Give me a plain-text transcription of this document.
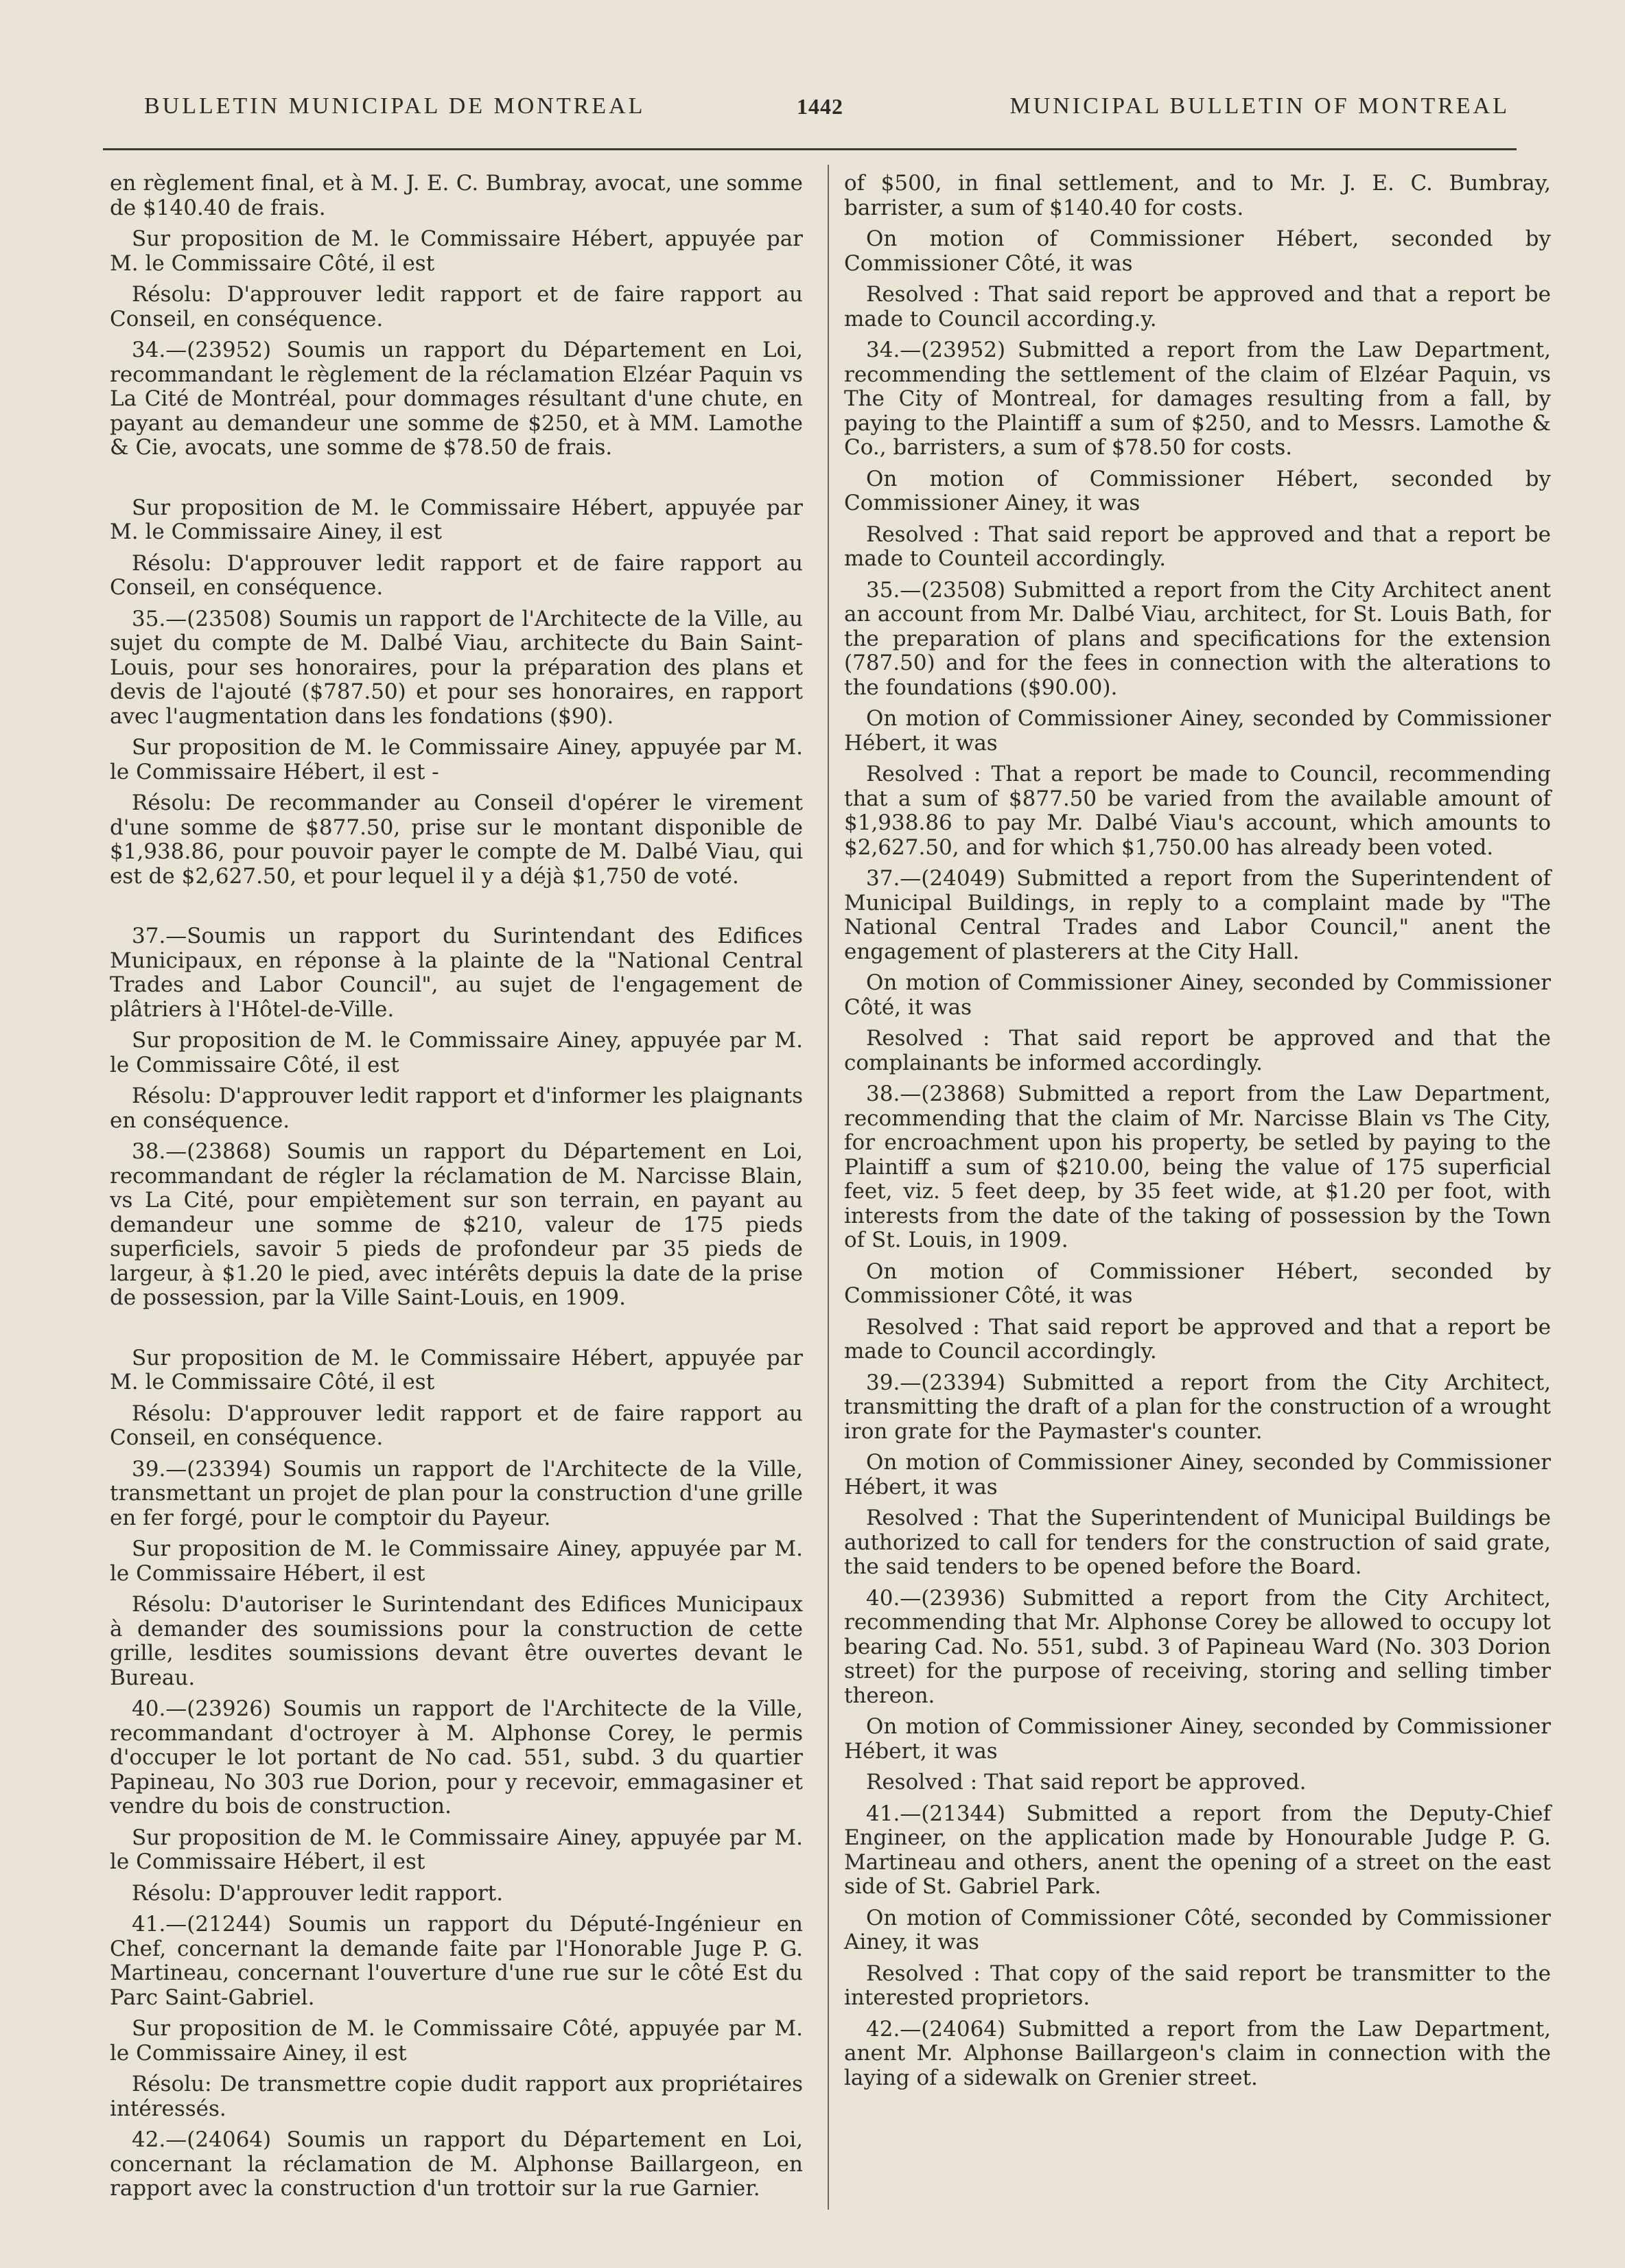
BULLETIN MUNICIPAL DE MONTREAL	1442	MUNICIPAL BULLETIN OF MONTREAL

en règlement final, et à M. J. E. C. Bumbray, avocat, une somme de $140.40 de frais.

Sur proposition de M. le Commissaire Hébert, appuyée par M. le Commissaire Côté, il est

Résolu: D'approuver ledit rapport et de faire rapport au Conseil, en conséquence.

34.—(23952) Soumis un rapport du Département en Loi, recommandant le règlement de la réclamation Elzéar Paquin vs La Cité de Montréal, pour dommages résultant d'une chute, en payant au demandeur une somme de $250, et à MM. Lamothe & Cie, avocats, une somme de $78.50 de frais.

Sur proposition de M. le Commissaire Hébert, appuyée par M. le Commissaire Ainey, il est

Résolu: D'approuver ledit rapport et de faire rapport au Conseil, en conséquence.

35.—(23508) Soumis un rapport de l'Architecte de la Ville, au sujet du compte de M. Dalbé Viau, architecte du Bain Saint-Louis, pour ses honoraires, pour la préparation des plans et devis de l'ajouté ($787.50) et pour ses honoraires, en rapport avec l'augmentation dans les fondations ($90).

Sur proposition de M. le Commissaire Ainey, appuyée par M. le Commissaire Hébert, il est -

Résolu: De recommander au Conseil d'opérer le virement d'une somme de $877.50, prise sur le montant disponible de $1,938.86, pour pouvoir payer le compte de M. Dalbé Viau, qui est de $2,627.50, et pour lequel il y a déjà $1,750 de voté.

37.—Soumis un rapport du Surintendant des Edifices Municipaux, en réponse à la plainte de la "National Central Trades and Labor Council", au sujet de l'engagement de plâtriers à l'Hôtel-de-Ville.

Sur proposition de M. le Commissaire Ainey, appuyée par M. le Commissaire Côté, il est

Résolu: D'approuver ledit rapport et d'informer les plaignants en conséquence.

38.—(23868) Soumis un rapport du Département en Loi, recommandant de régler la réclamation de M. Narcisse Blain, vs La Cité, pour empiètement sur son terrain, en payant au demandeur une somme de $210, valeur de 175 pieds superficiels, savoir 5 pieds de profondeur par 35 pieds de largeur, à $1.20 le pied, avec intérêts depuis la date de la prise de possession, par la Ville Saint-Louis, en 1909.

Sur proposition de M. le Commissaire Hébert, appuyée par M. le Commissaire Côté, il est

Résolu: D'approuver ledit rapport et de faire rapport au Conseil, en conséquence.

39.—(23394) Soumis un rapport de l'Architecte de la Ville, transmettant un projet de plan pour la construction d'une grille en fer forgé, pour le comptoir du Payeur.

Sur proposition de M. le Commissaire Ainey, appuyée par M. le Commissaire Hébert, il est

Résolu: D'autoriser le Surintendant des Edifices Municipaux à demander des soumissions pour la construction de cette grille, lesdites soumissions devant être ouvertes devant le Bureau.

40.—(23926) Soumis un rapport de l'Architecte de la Ville, recommandant d'octroyer à M. Alphonse Corey, le permis d'occuper le lot portant de No cad. 551, subd. 3 du quartier Papineau, No 303 rue Dorion, pour y recevoir, emmagasiner et vendre du bois de construction.

Sur proposition de M. le Commissaire Ainey, appuyée par M. le Commissaire Hébert, il est

Résolu: D'approuver ledit rapport.

41.—(21244) Soumis un rapport du Député-Ingénieur en Chef, concernant la demande faite par l'Honorable Juge P. G. Martineau, concernant l'ouverture d'une rue sur le côté Est du Parc Saint-Gabriel.

Sur proposition de M. le Commissaire Côté, appuyée par M. le Commissaire Ainey, il est

Résolu: De transmettre copie dudit rapport aux propriétaires intéressés.

42.—(24064) Soumis un rapport du Département en Loi, concernant la réclamation de M. Alphonse Baillargeon, en rapport avec la construction d'un trottoir sur la rue Garnier.

of $500, in final settlement, and to Mr. J. E. C. Bumbray, barrister, a sum of $140.40 for costs.

On motion of Commissioner Hébert, seconded by Commissioner Côté, it was

Resolved : That said report be approved and that a report be made to Council according.y.

34.—(23952) Submitted a report from the Law Department, recommending the settlement of the claim of Elzéar Paquin, vs The City of Montreal, for damages resulting from a fall, by paying to the Plaintiff a sum of $250, and to Messrs. Lamothe & Co., barristers, a sum of $78.50 for costs.

On motion of Commissioner Hébert, seconded by Commissioner Ainey, it was

Resolved : That said report be approved and that a report be made to Counteil accordingly.

35.—(23508) Submitted a report from the City Architect anent an account from Mr. Dalbé Viau, architect, for St. Louis Bath, for the preparation of plans and specifications for the extension (787.50) and for the fees in connection with the alterations to the foundations ($90.00).

On motion of Commissioner Ainey, seconded by Commissioner Hébert, it was

Resolved : That a report be made to Council, recommending that a sum of $877.50 be varied from the available amount of $1,938.86 to pay Mr. Dalbé Viau's account, which amounts to $2,627.50, and for which $1,750.00 has already been voted.

37.—(24049) Submitted a report from the Superintendent of Municipal Buildings, in reply to a complaint made by "The National Central Trades and Labor Council," anent the engagement of plasterers at the City Hall.

On motion of Commissioner Ainey, seconded by Commissioner Côté, it was

Resolved : That said report be approved and that the complainants be informed accordingly.

38.—(23868) Submitted a report from the Law Department, recommending that the claim of Mr. Narcisse Blain vs The City, for encroachment upon his property, be setled by paying to the Plaintiff a sum of $210.00, being the value of 175 superficial feet, viz. 5 feet deep, by 35 feet wide, at $1.20 per foot, with interests from the date of the taking of possession by the Town of St. Louis, in 1909.

On motion of Commissioner Hébert, seconded by Commissioner Côté, it was

Resolved : That said report be approved and that a report be made to Council accordingly.

39.—(23394) Submitted a report from the City Architect, transmitting the draft of a plan for the construction of a wrought iron grate for the Paymaster's counter.

On motion of Commissioner Ainey, seconded by Commissioner Hébert, it was

Resolved : That the Superintendent of Municipal Buildings be authorized to call for tenders for the construction of said grate, the said tenders to be opened before the Board.

40.—(23936) Submitted a report from the City Architect, recommending that Mr. Alphonse Corey be allowed to occupy lot bearing Cad. No. 551, subd. 3 of Papineau Ward (No. 303 Dorion street) for the purpose of receiving, storing and selling timber thereon.

On motion of Commissioner Ainey, seconded by Commissioner Hébert, it was

Resolved : That said report be approved.

41.—(21344) Submitted a report from the Deputy-Chief Engineer, on the application made by Honourable Judge P. G. Martineau and others, anent the opening of a street on the east side of St. Gabriel Park.

On motion of Commissioner Côté, seconded by Commissioner Ainey, it was

Resolved : That copy of the said report be transmitter to the interested proprietors.

42.—(24064) Submitted a report from the Law Department, anent Mr. Alphonse Baillargeon's claim in connection with the laying of a sidewalk on Grenier street.
